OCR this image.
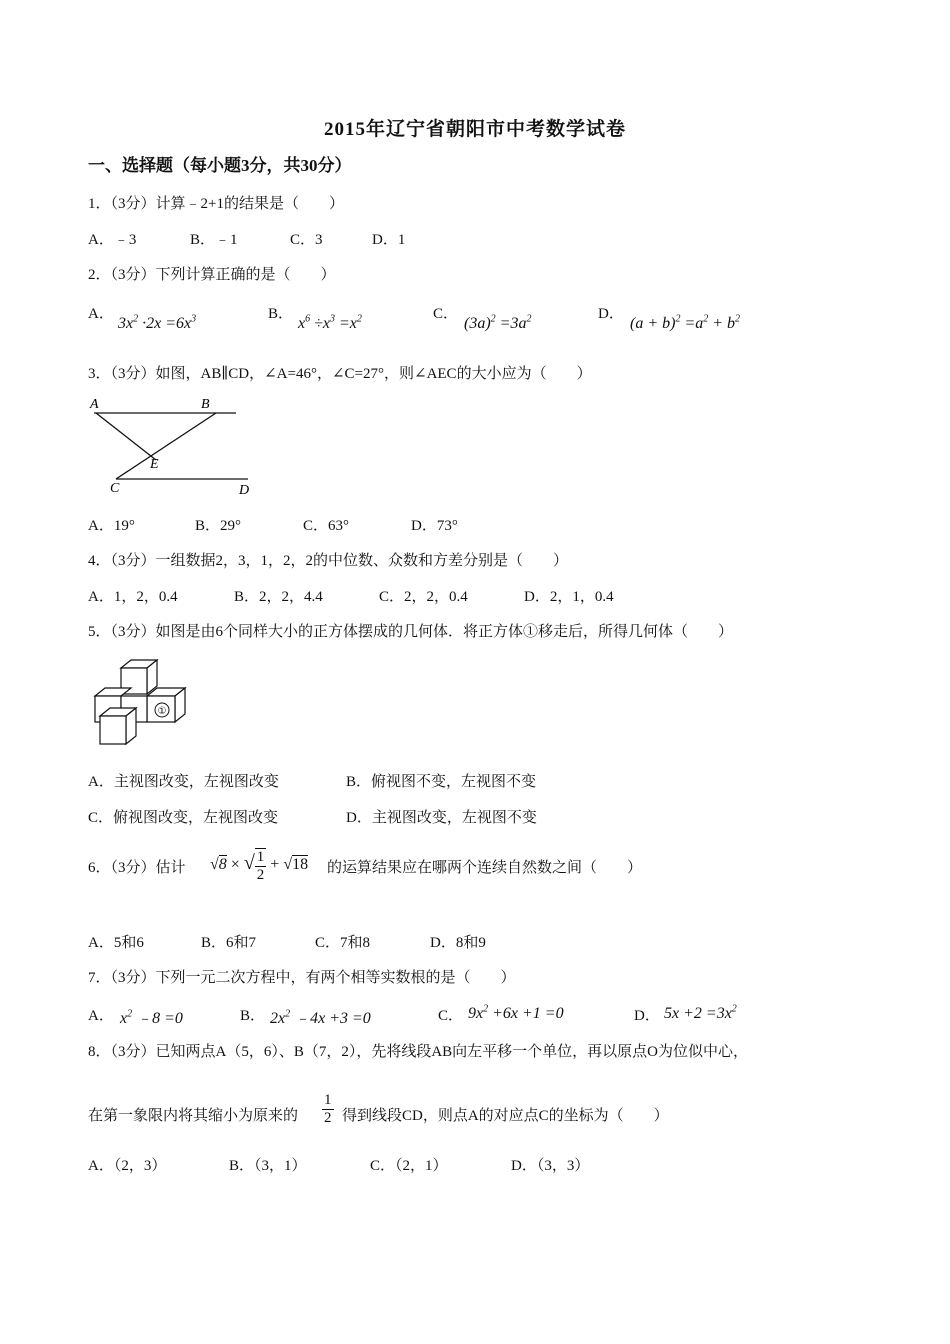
2015年辽宁省朝阳市中考数学试卷
一、选择题（每小题3分，共30分）
1．（3分）计算﹣2+1的结果是（　　）
A．﹣3	B．﹣1	C．3	D．1
2．（3分）下列计算正确的是（　　）
A．
$3x^2 \cdot 2x =6x^3$	B．
$x^6 \div x^3 =x^2$	C．
$(3a)^2 =3a^2$	D．
$(a + b)^2 =a^2 + b^2$
3．（3分）如图，AB∥CD，∠A=46°，∠C=27°，则∠AEC的大小应为（　　）
A	B
E
C	D
A．19°	B．29°	C．63°	D．73°
4．（3分）一组数据2，3，1，2，2的中位数、众数和方差分别是（　　）
A．1，2，0.4	B．2，2，4.4	C．2，2，0.4	D．2，1，0.4
5．（3分）如图是由6个同样大小的正方体摆成的几何体．将正方体①移走后，所得几何体（　　）
①
A．主视图改变，左视图改变	B．俯视图不变，左视图不变
C．俯视图改变，左视图改变	D．主视图改变，左视图不变
6．（3分）估计 √8 × √ $\frac{1}{2} + √18$ 的运算结果应在哪两个连续自然数之间（　　）
A．5和6	B．6和7	C．7和8	D．8和9
7．（3分）下列一元二次方程中，有两个相等实数根的是（　　）
A． $x^2$ ﹣8 =0	B． $2x^2$ ﹣4x +3 =0	C． $9x^2 +6x +1 =0$	D． $5x +2 =3x^2$
8．（3分）已知两点A（5，6）、B（7，2），先将线段AB向左平移一个单位，再以原点O为位似中心，
在第一象限内将其缩小为原来的 $\frac{1}{2}$ 得到线段CD，则点A的对应点C的坐标为（　　）
A．（2，3）	B．（3，1）	C．（2，1）	D．（3，3）
